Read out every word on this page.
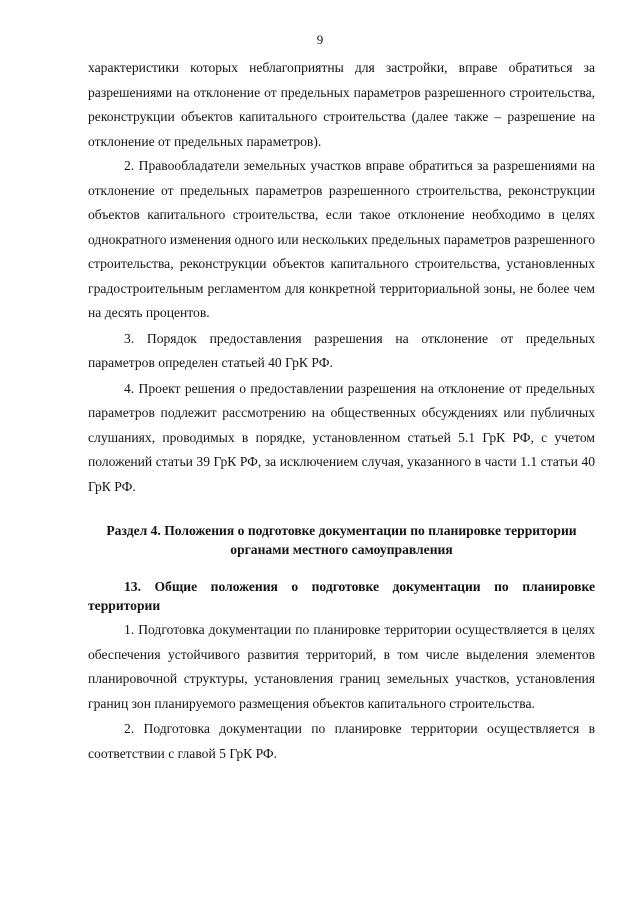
9

характеристики которых неблагоприятны для застройки, вправе обратиться за разрешениями на отклонение от предельных параметров разрешенного строительства, реконструкции объектов капитального строительства (далее также – разрешение на отклонение от предельных параметров).

2. Правообладатели земельных участков вправе обратиться за разрешениями на отклонение от предельных параметров разрешенного строительства, реконструкции объектов капитального строительства, если такое отклонение необходимо в целях однократного изменения одного или нескольких предельных параметров разрешенного строительства, реконструкции объектов капитального строительства, установленных градостроительным регламентом для конкретной территориальной зоны, не более чем на десять процентов.

3. Порядок предоставления разрешения на отклонение от предельных параметров определен статьей 40 ГрК РФ.

4. Проект решения о предоставлении разрешения на отклонение от предельных параметров подлежит рассмотрению на общественных обсуждениях или публичных слушаниях, проводимых в порядке, установленном статьей 5.1 ГрК РФ, с учетом положений статьи 39 ГрК РФ, за исключением случая, указанного в части 1.1 статьи 40 ГрК РФ.

Раздел 4. Положения о подготовке документации по планировке территории органами местного самоуправления

13. Общие положения о подготовке документации по планировке территории

1. Подготовка документации по планировке территории осуществляется в целях обеспечения устойчивого развития территорий, в том числе выделения элементов планировочной структуры, установления границ земельных участков, установления границ зон планируемого размещения объектов капитального строительства.

2. Подготовка документации по планировке территории осуществляется в соответствии с главой 5 ГрК РФ.
